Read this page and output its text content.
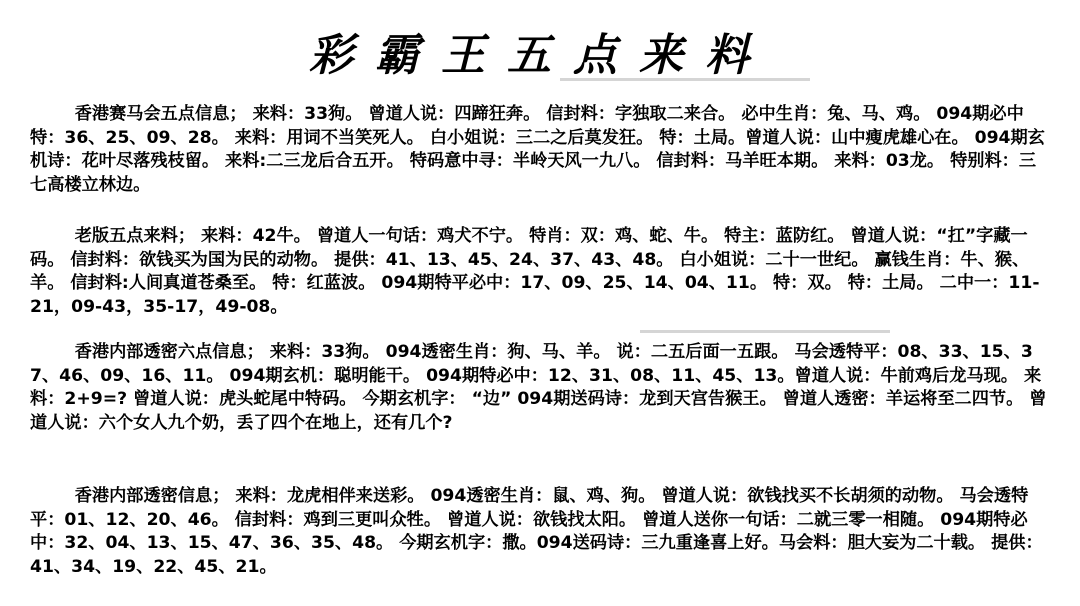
彩霸王五点来料
香港赛马会五点信息； 来料：33狗。 曾道人说：四蹄狂奔。 信封料：字独取二来合。 必中生肖：兔、马、鸡。 094期必中特：36、25、09、28。 来料：用词不当笑死人。 白小姐说：三二之后莫发狂。 特：土局。曾道人说：山中瘦虎雄心在。 094期玄机诗：花叶尽落残枝留。 来料:二三龙后合五开。 特码意中寻：半岭天风一九八。 信封料：马羊旺本期。 来料：03龙。 特别料：三七高楼立林边。
老版五点来料； 来料：42牛。 曾道人一句话：鸡犬不宁。 特肖：双：鸡、蛇、牛。 特主：蓝防红。 曾道人说：“扛”字藏一码。 信封料：欲钱买为国为民的动物。 提供：41、13、45、24、37、43、48。 白小姐说：二十一世纪。 赢钱生肖：牛、猴、羊。 信封料:人间真道苍桑至。 特：红蓝波。 094期特平必中：17、09、25、14、04、11。 特：双。 特：土局。 二中一：11-21，09-43，35-17，49-08。
香港内部透密六点信息； 来料：33狗。 094透密生肖：狗、马、羊。 说：二五后面一五跟。 马会透特平：08、33、15、37、46、09、16、11。 094期玄机：聪明能干。 094期特必中：12、31、08、11、45、13。曾道人说：牛前鸡后龙马现。 来料：2+9=? 曾道人说：虎头蛇尾中特码。 今期玄机字： “边” 094期送码诗：龙到天宫告猴王。 曾道人透密：羊运将至二四节。 曾道人说：六个女人九个奶，丢了四个在地上，还有几个?
香港内部透密信息； 来料：龙虎相伴来送彩。 094透密生肖：鼠、鸡、狗。 曾道人说：欲钱找买不长胡须的动物。 马会透特平：01、12、20、46。 信封料：鸡到三更叫众牲。 曾道人说：欲钱找太阳。 曾道人送你一句话：二就三零一相随。 094期特必中：32、04、13、15、47、36、35、48。 今期玄机字：撒。094送码诗：三九重逢喜上好。马会料：胆大妄为二十载。 提供：41、34、19、22、45、21。
